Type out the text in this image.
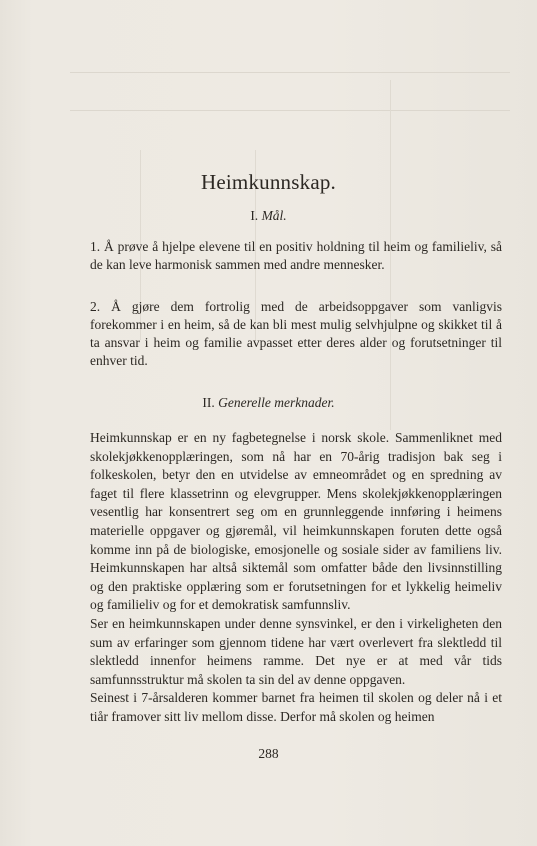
Heimkunnskap.
I. Mål.
1. Å prøve å hjelpe elevene til en positiv holdning til heim og familieliv, så de kan leve harmonisk sammen med andre mennesker.
2. Å gjøre dem fortrolig med de arbeidsoppgaver som vanligvis forekommer i en heim, så de kan bli mest mulig selvhjulpne og skikket til å ta ansvar i heim og familie avpasset etter deres alder og forutsetninger til enhver tid.
II. Generelle merknader.

Heimkunnskap er en ny fagbetegnelse i norsk skole. Sammenliknet med skolekjøkkenopplæringen, som nå har en 70-årig tradisjon bak seg i folkeskolen, betyr den en utvidelse av emneområdet og en spredning av faget til flere klassetrinn og elevgrupper. Mens skolekjøkkenopplæringen vesentlig har konsentrert seg om en grunnleggende innføring i heimens materielle oppgaver og gjøremål, vil heimkunnskapen foruten dette også komme inn på de biologiske, emosjonelle og sosiale sider av familiens liv. Heimkunnskapen har altså siktemål som omfatter både den livsinnstilling og den praktiske opplæring som er forutsetningen for et lykkelig heimeliv og familieliv og for et demokratisk samfunnsliv.

Ser en heimkunnskapen under denne synsvinkel, er den i virkeligheten den sum av erfaringer som gjennom tidene har vært overlevert fra slektledd til slektledd innenfor heimens ramme. Det nye er at med vår tids samfunnsstruktur må skolen ta sin del av denne oppgaven.

Seinest i 7-årsalderen kommer barnet fra heimen til skolen og deler nå i et tiår framover sitt liv mellom disse. Derfor må skolen og heimen

288
